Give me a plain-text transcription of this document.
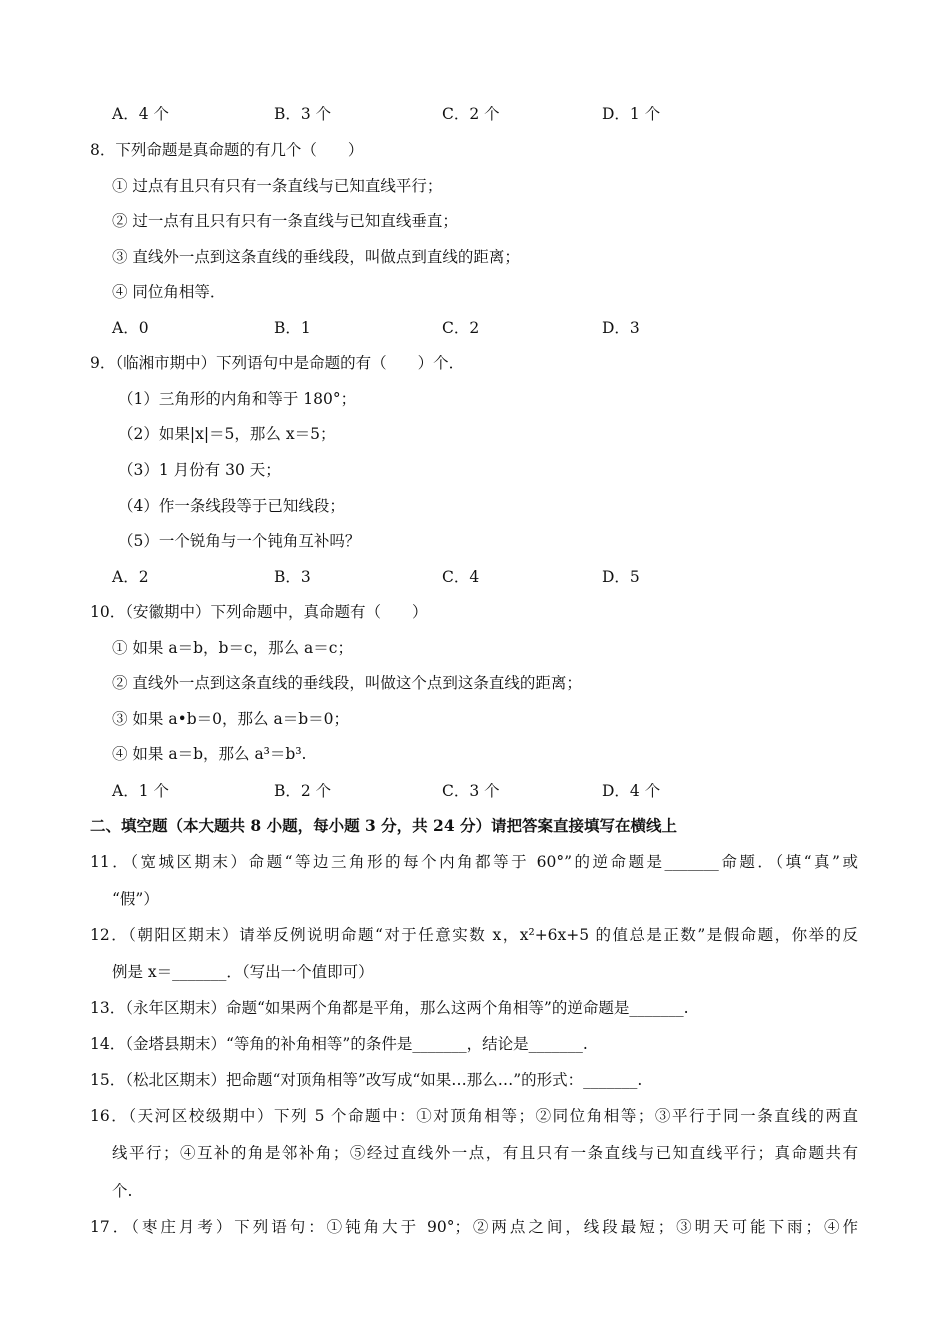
A．4 个	B．3 个	C．2 个	D．1 个
8．下列命题是真命题的有几个（　　）
① 过点有且只有只有一条直线与已知直线平行；
② 过一点有且只有只有一条直线与已知直线垂直；
③ 直线外一点到这条直线的垂线段，叫做点到直线的距离；
④ 同位角相等．
A．0	B．1	C．2	D．3
9．（临湘市期中）下列语句中是命题的有（　　）个．
（1）三角形的内角和等于 180°；
（2）如果|x|＝5，那么 x＝5；
（3）1 月份有 30 天；
（4）作一条线段等于已知线段；
（5）一个锐角与一个钝角互补吗？
A．2	B．3	C．4	D．5
10．（安徽期中）下列命题中，真命题有（　　）
① 如果 a＝b，b＝c，那么 a＝c；
② 直线外一点到这条直线的垂线段，叫做这个点到这条直线的距离；
③ 如果 a•b＝0，那么 a＝b＝0；
④ 如果 a＝b，那么 a³＝b³.
A．1 个	B．2 个	C．3 个	D．4 个
二、填空题（本大题共 8 小题，每小题 3 分，共 24 分）请把答案直接填写在横线上
11．（宽城区期末）命题“等边三角形的每个内角都等于 60°”的逆命题是_______命题．（填“真”或
“假”）
12．（朝阳区期末）请举反例说明命题“对于任意实数 x，x²+6x+5 的值总是正数”是假命题，你举的反
例是 x＝_______．（写出一个值即可）
13．（永年区期末）命题“如果两个角都是平角，那么这两个角相等”的逆命题是_______.
14．（金塔县期末）“等角的补角相等”的条件是_______，结论是_______.
15．（松北区期末）把命题“对顶角相等”改写成“如果…那么…”的形式：_______.
16．（天河区校级期中）下列 5 个命题中：①对顶角相等；②同位角相等；③平行于同一条直线的两直
线平行；④互补的角是邻补角；⑤经过直线外一点，有且只有一条直线与已知直线平行；真命题共有
个.
17．（枣庄月考）下列语句：①钝角大于 90°；②两点之间，线段最短；③明天可能下雨；④作
